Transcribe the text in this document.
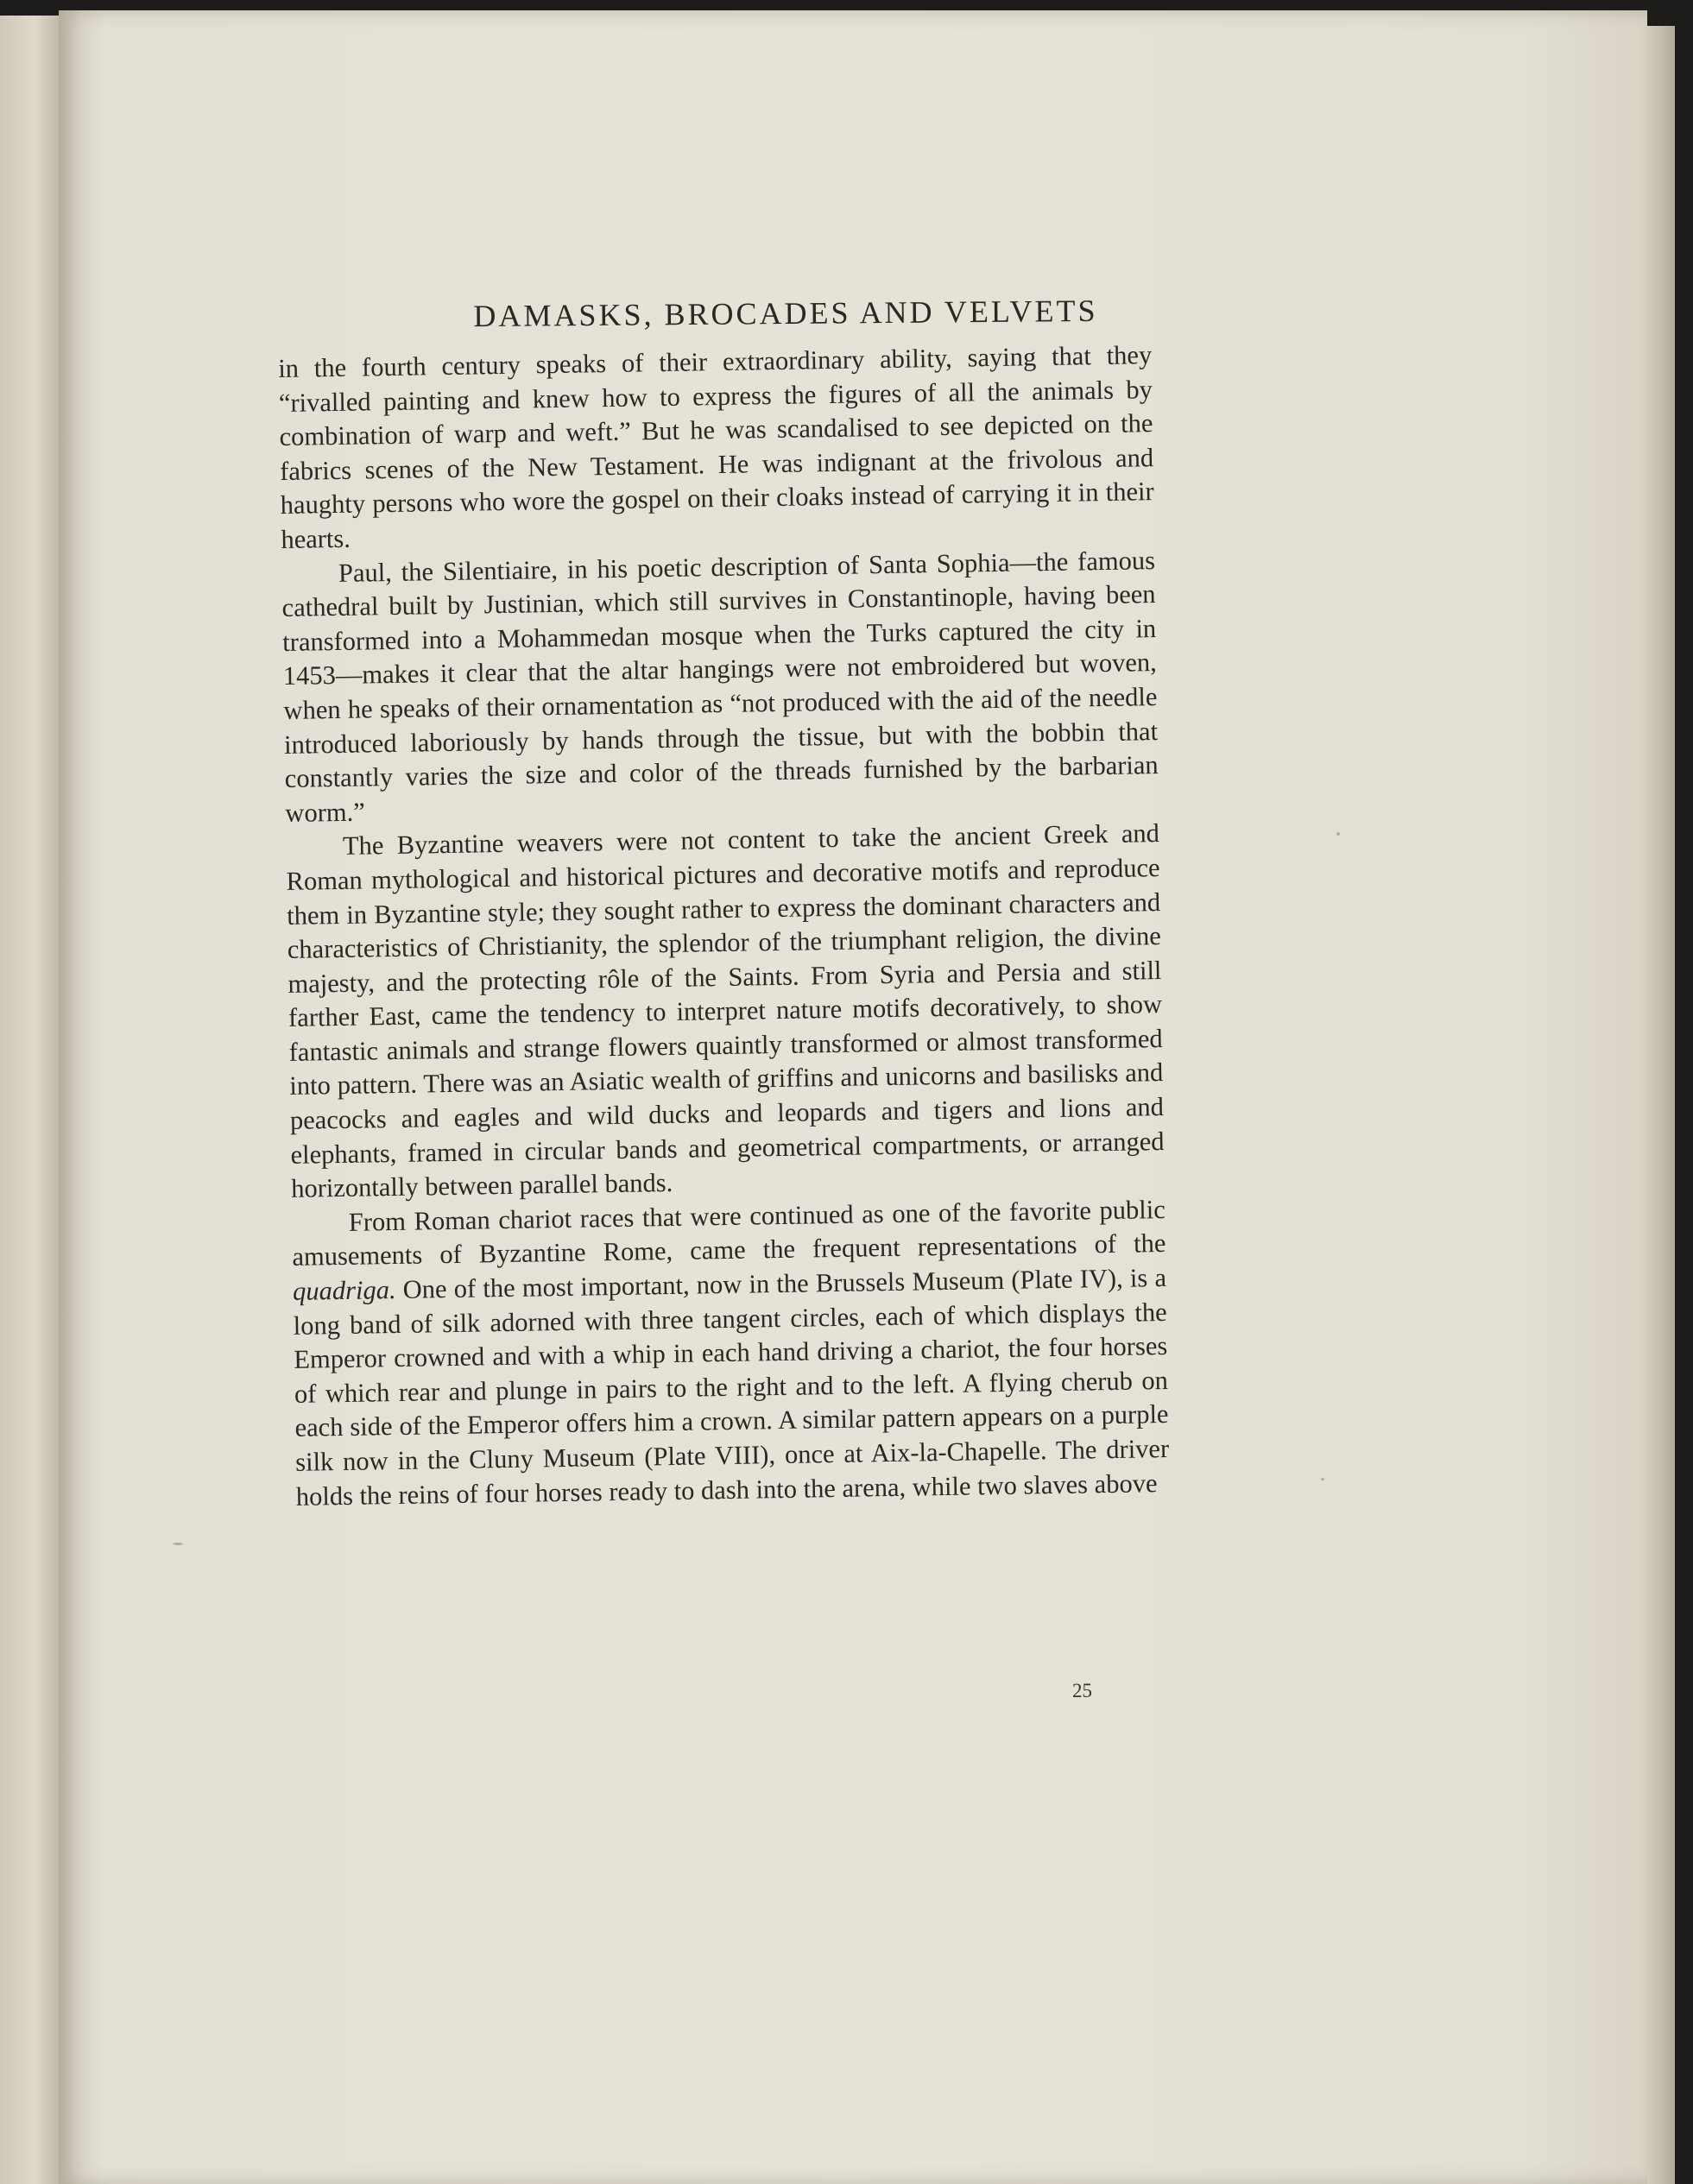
DAMASKS, BROCADES AND VELVETS

in the fourth century speaks of their extraordinary ability, saying that they “rivalled painting and knew how to express the figures of all the animals by combination of warp and weft.” But he was scandalised to see depicted on the fabrics scenes of the New Testament. He was indignant at the frivolous and haughty persons who wore the gospel on their cloaks instead of carrying it in their hearts.

Paul, the Silentiaire, in his poetic description of Santa Sophia—the famous cathedral built by Justinian, which still survives in Constantinople, having been transformed into a Mohammedan mosque when the Turks captured the city in 1453—makes it clear that the altar hangings were not embroidered but woven, when he speaks of their ornamentation as “not produced with the aid of the needle introduced laboriously by hands through the tissue, but with the bobbin that constantly varies the size and color of the threads furnished by the barbarian worm.”

The Byzantine weavers were not content to take the ancient Greek and Roman mythological and historical pictures and decorative motifs and reproduce them in Byzantine style; they sought rather to express the dominant characters and characteristics of Christianity, the splendor of the triumphant religion, the divine majesty, and the protecting rôle of the Saints. From Syria and Persia and still farther East, came the tendency to interpret nature motifs decoratively, to show fantastic animals and strange flowers quaintly transformed or almost transformed into pattern. There was an Asiatic wealth of griffins and unicorns and basilisks and peacocks and eagles and wild ducks and leopards and tigers and lions and elephants, framed in circular bands and geometrical compartments, or arranged horizontally between parallel bands.

From Roman chariot races that were continued as one of the favorite public amusements of Byzantine Rome, came the frequent representations of the quadriga. One of the most important, now in the Brussels Museum (Plate IV), is a long band of silk adorned with three tangent circles, each of which displays the Emperor crowned and with a whip in each hand driving a chariot, the four horses of which rear and plunge in pairs to the right and to the left. A flying cherub on each side of the Emperor offers him a crown. A similar pattern appears on a purple silk now in the Cluny Museum (Plate VIII), once at Aix-la-Chapelle. The driver holds the reins of four horses ready to dash into the arena, while two slaves above

25
